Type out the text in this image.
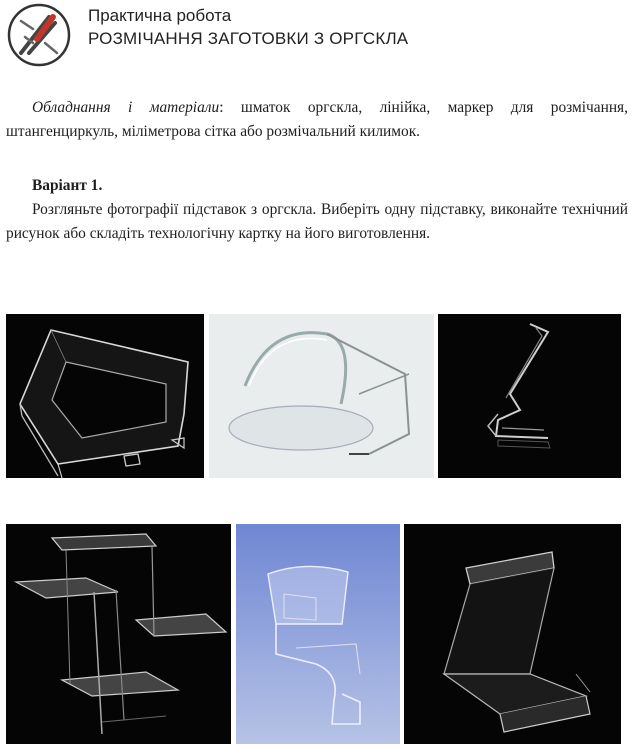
Практична робота
РОЗМІЧАННЯ ЗАГОТОВКИ З ОРГСКЛА
Обладнання і матеріали: шматок оргскла, лінійка, маркер для розмічання, штангенциркуль, міліметрова сітка або розмічальний килимок.
Варіант 1.
Розгляньте фотографії підставок з оргскла. Виберіть одну підставку, виконайте технічний рисунок або складіть технологічну картку на його виготовлення.
